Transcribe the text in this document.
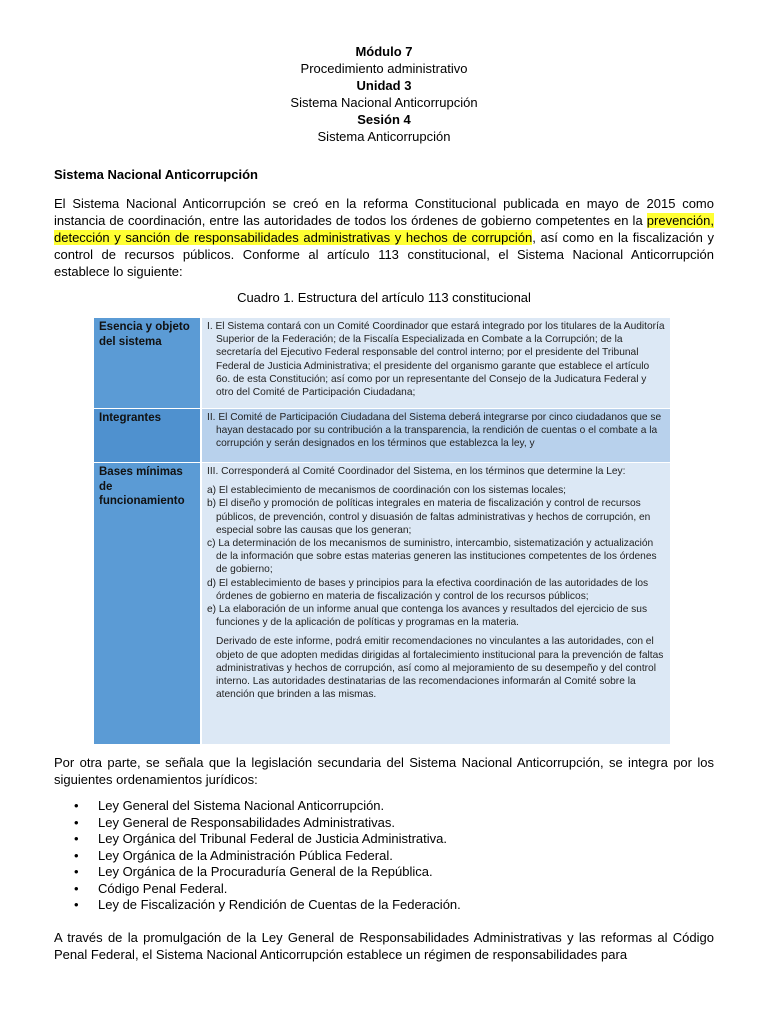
Módulo 7
Procedimiento administrativo
Unidad 3
Sistema Nacional Anticorrupción
Sesión 4
Sistema Anticorrupción
Sistema Nacional Anticorrupción
El Sistema Nacional Anticorrupción se creó en la reforma Constitucional publicada en mayo de 2015 como instancia de coordinación, entre las autoridades de todos los órdenes de gobierno competentes en la prevención, detección y sanción de responsabilidades administrativas y hechos de corrupción, así como en la fiscalización y control de recursos públicos. Conforme al artículo 113 constitucional, el Sistema Nacional Anticorrupción establece lo siguiente:
Cuadro 1. Estructura del artículo 113 constitucional
Esencia y objeto del sistema
I. El Sistema contará con un Comité Coordinador que estará integrado por los titulares de la Auditoría Superior de la Federación; de la Fiscalía Especializada en Combate a la Corrupción; de la secretaría del Ejecutivo Federal responsable del control interno; por el presidente del Tribunal Federal de Justicia Administrativa; el presidente del organismo garante que establece el artículo 6o. de esta Constitución; así como por un representante del Consejo de la Judicatura Federal y otro del Comité de Participación Ciudadana;
Integrantes	II. El Comité de Participación Ciudadana del Sistema deberá integrarse por cinco ciudadanos que se hayan destacado por su contribución a la transparencia, la rendición de cuentas o el combate a la corrupción y serán designados en los términos que establezca la ley, y
Bases mínimas de funcionamiento
III. Corresponderá al Comité Coordinador del Sistema, en los términos que determine la Ley:
a) El establecimiento de mecanismos de coordinación con los sistemas locales;
b) El diseño y promoción de políticas integrales en materia de fiscalización y control de recursos públicos, de prevención, control y disuasión de faltas administrativas y hechos de corrupción, en especial sobre las causas que los generan;
c) La determinación de los mecanismos de suministro, intercambio, sistematización y actualización de la información que sobre estas materias generen las instituciones competentes de los órdenes de gobierno;
d) El establecimiento de bases y principios para la efectiva coordinación de las autoridades de los órdenes de gobierno en materia de fiscalización y control de los recursos públicos;
e) La elaboración de un informe anual que contenga los avances y resultados del ejercicio de sus funciones y de la aplicación de políticas y programas en la materia.
Derivado de este informe, podrá emitir recomendaciones no vinculantes a las autoridades, con el objeto de que adopten medidas dirigidas al fortalecimiento institucional para la prevención de faltas administrativas y hechos de corrupción, así como al mejoramiento de su desempeño y del control interno. Las autoridades destinatarias de las recomendaciones informarán al Comité sobre la atención que brinden a las mismas.
Por otra parte, se señala que la legislación secundaria del Sistema Nacional Anticorrupción, se integra por los siguientes ordenamientos jurídicos:
• Ley General del Sistema Nacional Anticorrupción.
• Ley General de Responsabilidades Administrativas.
• Ley Orgánica del Tribunal Federal de Justicia Administrativa.
• Ley Orgánica de la Administración Pública Federal.
• Ley Orgánica de la Procuraduría General de la República.
• Código Penal Federal.
• Ley de Fiscalización y Rendición de Cuentas de la Federación.
A través de la promulgación de la Ley General de Responsabilidades Administrativas y las reformas al Código Penal Federal, el Sistema Nacional Anticorrupción establece un régimen de responsabilidades para
